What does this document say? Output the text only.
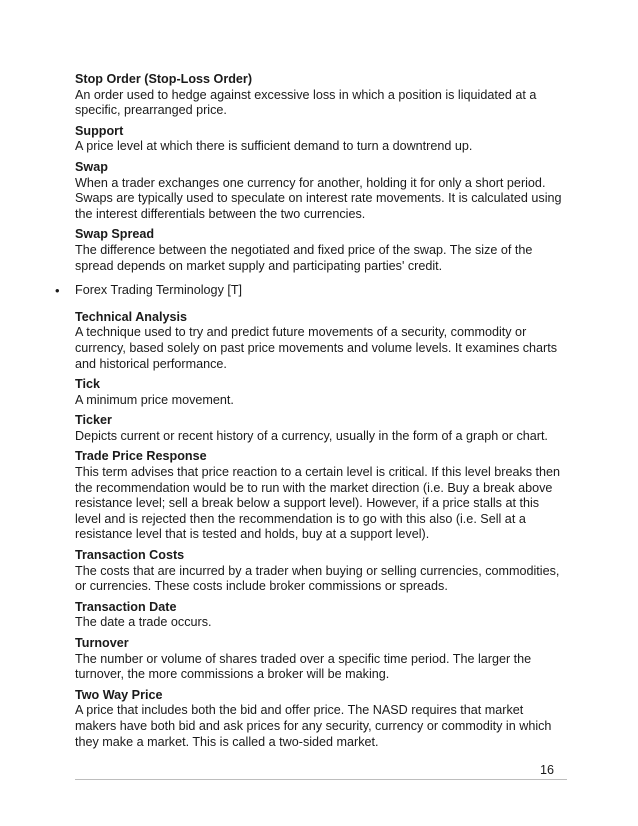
Stop Order (Stop-Loss Order)

An order used to hedge against excessive loss in which a position is liquidated at a specific, prearranged price.

Support

A price level at which there is sufficient demand to turn a downtrend up.

Swap

When a trader exchanges one currency for another, holding it for only a short period. Swaps are typically used to speculate on interest rate movements. It is calculated using the interest differentials between the two currencies.

Swap Spread

The difference between the negotiated and fixed price of the swap. The size of the spread depends on market supply and participating parties' credit.

• Forex Trading Terminology [T]

Technical Analysis

A technique used to try and predict future movements of a security, commodity or currency, based solely on past price movements and volume levels. It examines charts and historical performance.

Tick

A minimum price movement.

Ticker

Depicts current or recent history of a currency, usually in the form of a graph or chart.

Trade Price Response

This term advises that price reaction to a certain level is critical. If this level breaks then the recommendation would be to run with the market direction (i.e. Buy a break above resistance level; sell a break below a support level). However, if a price stalls at this level and is rejected then the recommendation is to go with this also (i.e. Sell at a resistance level that is tested and holds, buy at a support level).

Transaction Costs

The costs that are incurred by a trader when buying or selling currencies, commodities, or currencies. These costs include broker commissions or spreads.

Transaction Date

The date a trade occurs.

Turnover

The number or volume of shares traded over a specific time period. The larger the turnover, the more commissions a broker will be making.

Two Way Price

A price that includes both the bid and offer price. The NASD requires that market makers have both bid and ask prices for any security, currency or commodity in which they make a market. This is called a two-sided market.

16
